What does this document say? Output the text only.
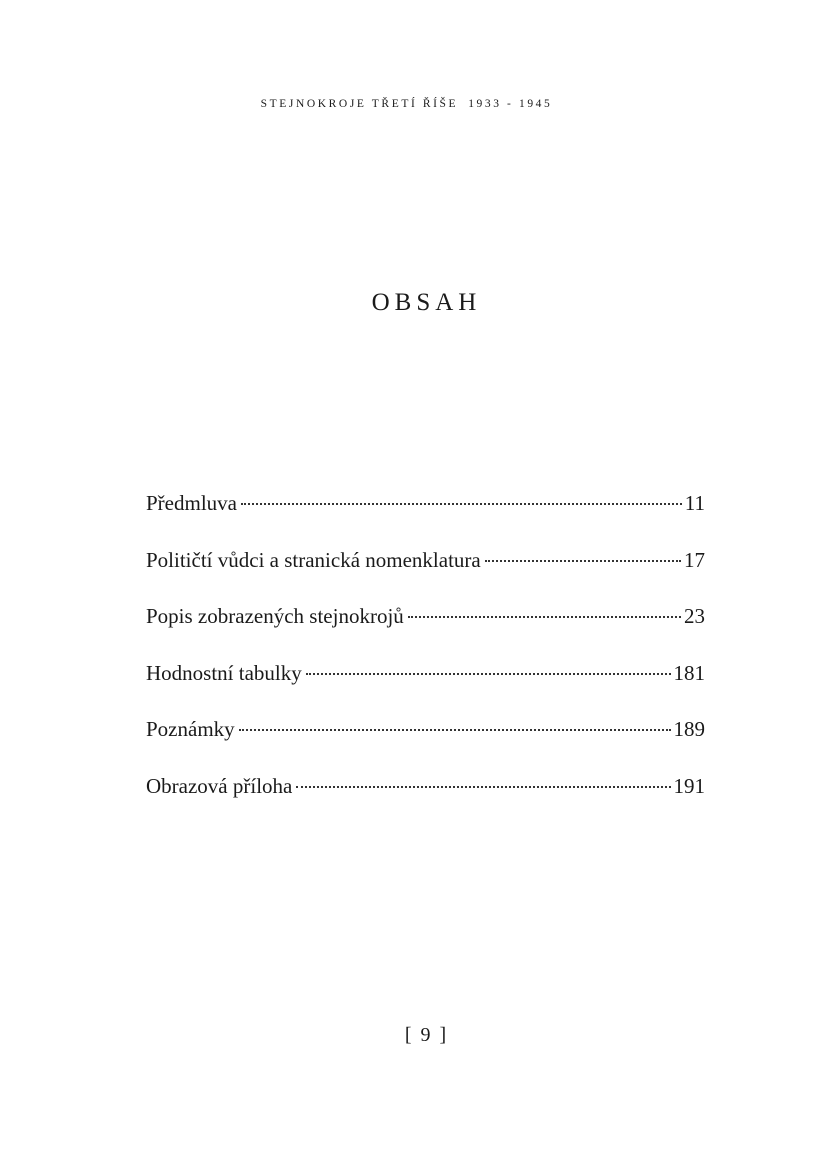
STEJNOKROJE TŘETÍ ŘÍŠE 1933 - 1945
OBSAH
Předmluva	11
Političtí vůdci a stranická nomenklatura	17
Popis zobrazených stejnokrojů	23
Hodnostní tabulky	181
Poznámky	189
Obrazová příloha	191
[ 9 ]
